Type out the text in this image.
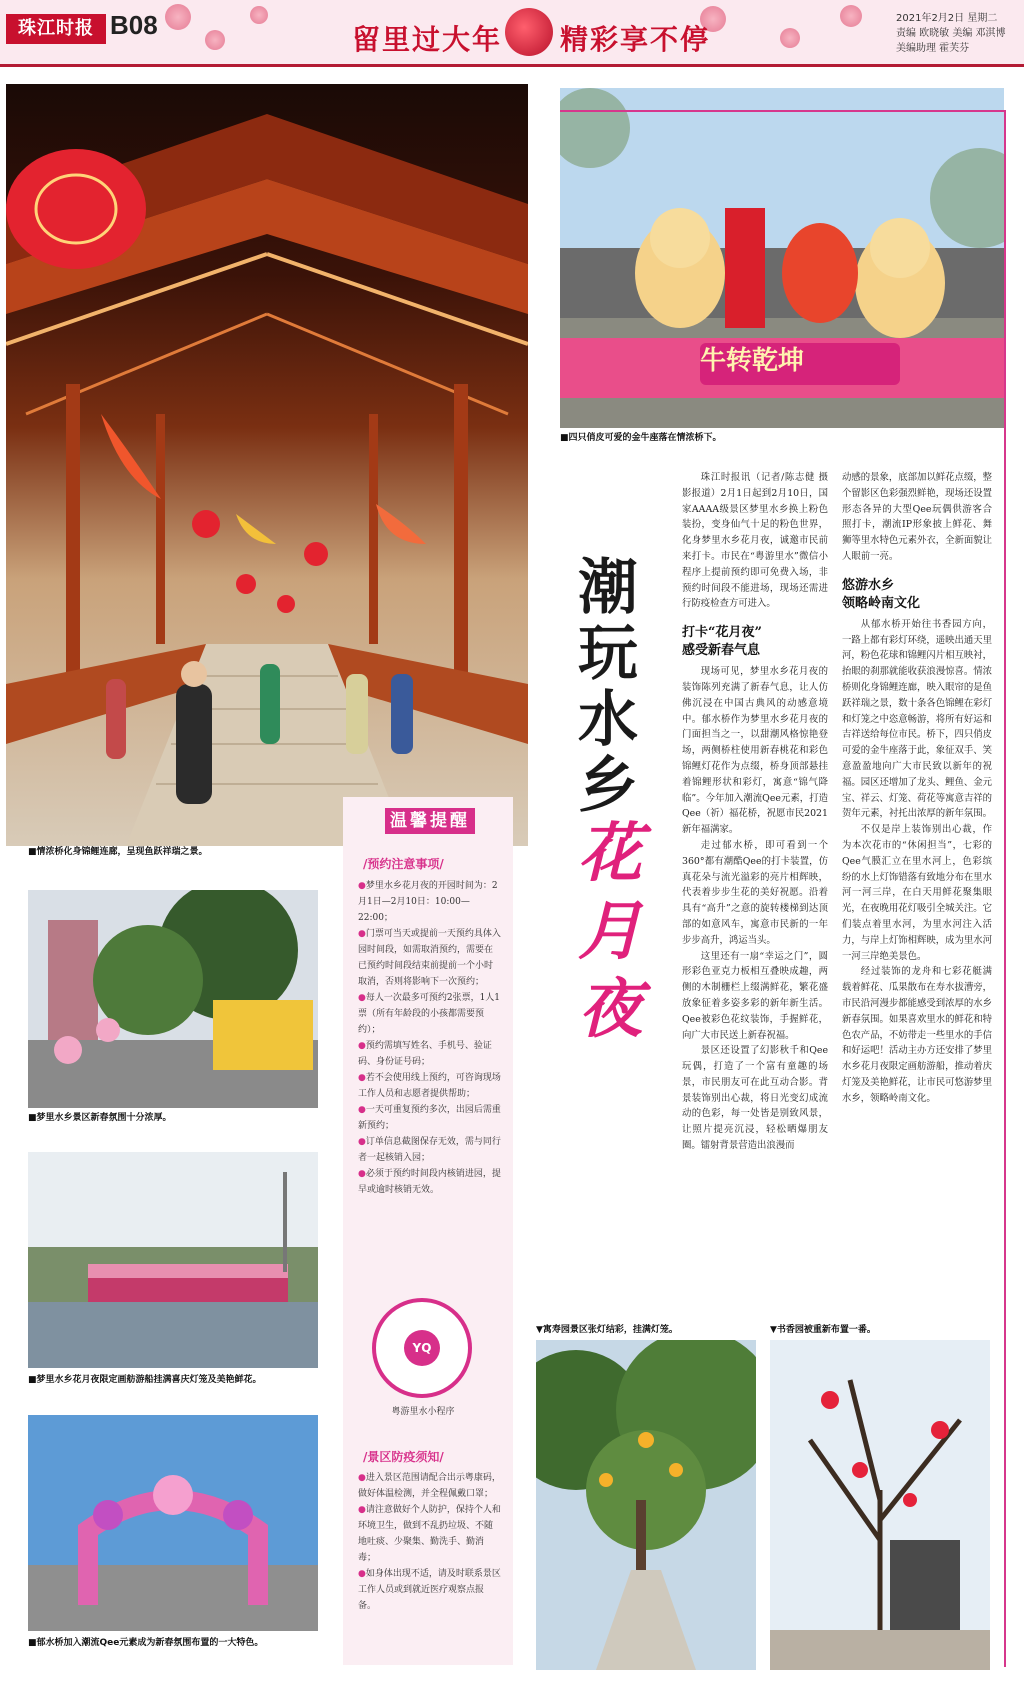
珠江时报 B08	留里过大年 精彩享不停
2021年2月2日 星期二
责编 欧晓敏 美编 邓淇博
美编助理 霍芙芬
■情浓桥化身锦鲤连廊，呈现鱼跃祥瑞之景。
牛转乾坤
■四只俏皮可爱的金牛座落在情浓桥下。
■梦里水乡景区新春氛围十分浓厚。
■梦里水乡花月夜限定画舫游船挂满喜庆灯笼及美艳鲜花。
■郁水桥加入潮流Qee元素成为新春氛围布置的一大特色。
温馨提醒
/预约注意事项/
●梦里水乡花月夜的开园时间为：2月1日—2月10日：10:00—22:00；
●门票可当天或提前一天预约具体入园时间段，如需取消预约，需要在已预约时间段结束前提前一个小时取消，否则将影响下一次预约；
●每人一次最多可预约2张票，1人1票（所有年龄段的小孩都需要预约）；
●预约需填写姓名、手机号、验证码、身份证号码；
●若不会使用线上预约，可咨询现场工作人员和志愿者提供帮助；
●一天可重复预约多次，出园后需重新预约；
●订单信息截图保存无效，需与同行者一起核销入园；
●必须于预约时间段内核销进园，提早或逾时核销无效。
YQ
粤游里水小程序
/景区防疫须知/
●进入景区范围请配合出示粤康码，做好体温检测，并全程佩戴口罩；
●请注意做好个人防护，保持个人和环境卫生，做到不乱扔垃圾、不随地吐痰、少聚集、勤洗手、勤消毒；
●如身体出现不适，请及时联系景区工作人员或到就近医疗观察点报备。
潮玩水乡
花月夜

珠江时报讯（记者/陈志健 摄影报道）2月1日起到2月10日，国家AAAA级景区梦里水乡换上粉色装扮，变身仙气十足的粉色世界，化身梦里水乡花月夜，诚邀市民前来打卡。市民在“粤游里水”微信小程序上提前预约即可免费入场，非预约时间段不能进场，现场还需进行防疫检查方可进入。

打卡“花月夜”
感受新春气息

现场可见，梦里水乡花月夜的装饰陈列充满了新春气息，让人仿佛沉浸在中国古典风的动感意境中。郁水桥作为梦里水乡花月夜的门面担当之一，以甜潮风格惊艳登场，两侧桥柱使用新春桃花和彩色锦鲤灯花作为点缀，桥身顶部悬挂着锦鲤形状和彩灯，寓意“锦气降临”。今年加入潮流Qee元素，打造Qee（祈）福花桥，祝愿市民2021新年福满家。

走过郁水桥，即可看到一个360°都有潮酷Qee的打卡装置，仿真花朵与流光溢彩的亮片相辉映，代表着步步生花的美好祝愿。沿着具有“高升”之意的旋转楼梯到达顶部的如意风车，寓意市民新的一年步步高升，鸿运当头。

这里还有一扇“幸运之门”，圆形彩色亚克力板相互叠映成趣，两侧的木制栅栏上缀满鲜花，繁花盛放象征着多姿多彩的新年新生活。Qee被彩色花纹装饰，手握鲜花，向广大市民送上新春祝福。

景区还设置了幻影秋千和Qee玩偶，打造了一个富有童趣的场景，市民朋友可在此互动合影。背景装饰别出心裁，将日光变幻成流动的色彩，每一处皆是别致风景，让照片提亮沉浸，轻松晒爆朋友圈。镭射背景营造出浪漫而

动感的景象，底部加以鲜花点缀，整个留影区色彩强烈鲜艳，现场还设置形态各异的大型Qee玩偶供游客合照打卡，潮流IP形象披上鲜花、舞狮等里水特色元素外衣，全新面貌让人眼前一亮。

悠游水乡
领略岭南文化

从郁水桥开始往书香园方向，一路上都有彩灯环绕，遥映出通天里河，粉色花球和锦鲤闪片相互映衬，抬眼的刹那就能收获浪漫惊喜。情浓桥则化身锦鲤连廊，映入眼帘的是鱼跃祥瑞之景，数十条各色锦鲤在彩灯和灯笼之中恣意畅游，将所有好运和吉祥送给每位市民。桥下，四只俏皮可爱的金牛座落于此，象征双手、笑意盈盈地向广大市民致以新年的祝福。园区还增加了龙头、鲤鱼、金元宝、祥云、灯笼、荷花等寓意吉祥的贺年元素，衬托出浓厚的新年氛围。

不仅是岸上装饰别出心裁，作为本次花市的“休闲担当”，七彩的Qee气膜汇立在里水河上，色彩缤纷的水上灯饰错落有致地分布在里水河一河三岸，在白天用鲜花聚集眼光，在夜晚用花灯吸引全城关注。它们装点着里水河，为里水河注入活力，与岸上灯饰相辉映，成为里水河一河三岸绝美景色。

经过装饰的龙舟和七彩花艇满载着鲜花、瓜果散布在寿水拔漕旁，市民沿河漫步都能感受到浓厚的水乡新春氛围。如果喜欢里水的鲜花和特色农产品，不妨带走一些里水的手信和好运吧！活动主办方还安排了梦里水乡花月夜限定画舫游船，推动着庆灯笼及美艳鲜花，让市民可悠游梦里水乡，领略岭南文化。

▼寓寿园景区张灯结彩，挂满灯笼。	▼书香园被重新布置一番。
